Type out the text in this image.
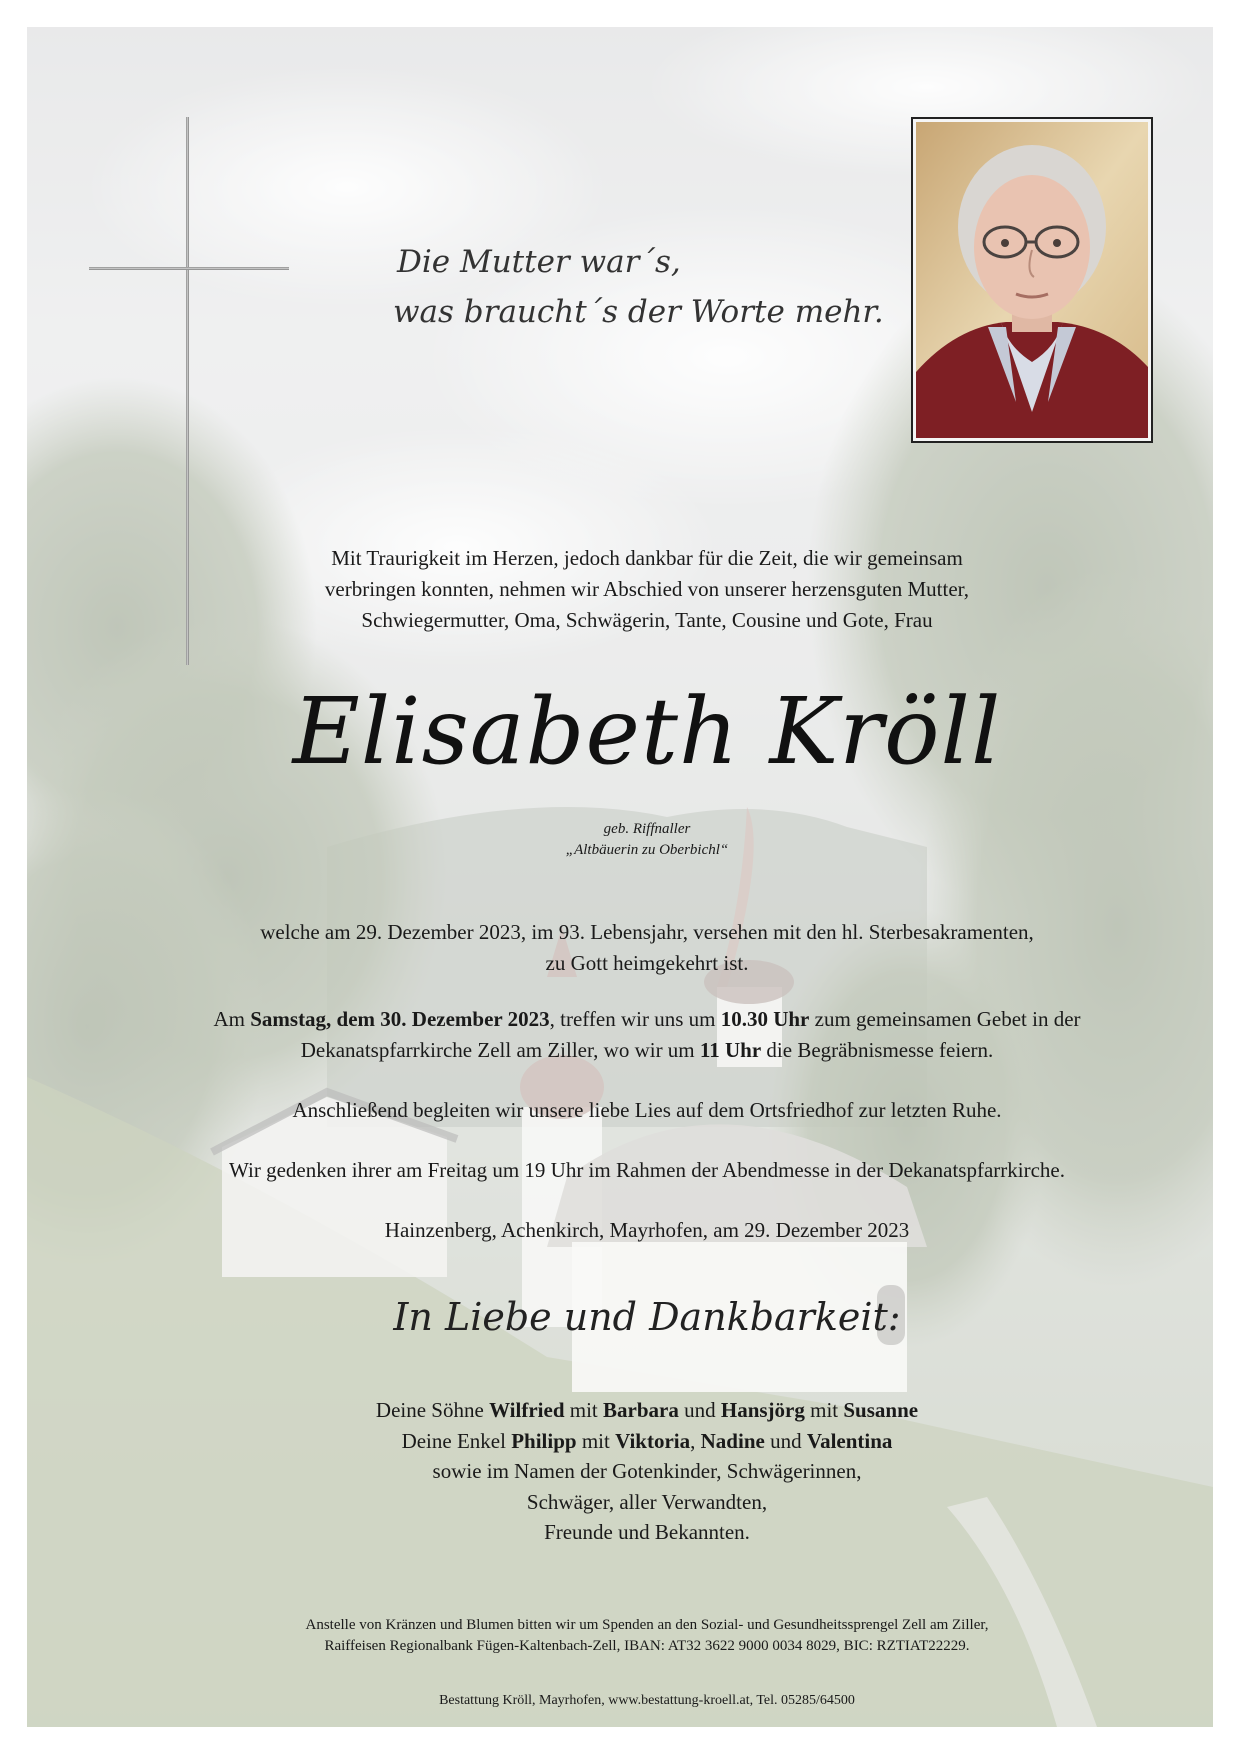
Die Mutter war´s,
was braucht´s der Worte mehr.
Mit Traurigkeit im Herzen, jedoch dankbar für die Zeit, die wir gemeinsam
verbringen konnten, nehmen wir Abschied von unserer herzensguten Mutter,
Schwiegermutter, Oma, Schwägerin, Tante, Cousine und Gote, Frau
Elisabeth Kröll
geb. Riffnaller
„Altbäuerin zu Oberbichl“
welche am 29. Dezember 2023, im 93. Lebensjahr, versehen mit den hl. Sterbesakramenten,
zu Gott heimgekehrt ist.
Am Samstag, dem 30. Dezember 2023, treffen wir uns um 10.30 Uhr zum gemeinsamen Gebet in der
Dekanatspfarrkirche Zell am Ziller, wo wir um 11 Uhr die Begräbnismesse feiern.
Anschließend begleiten wir unsere liebe Lies auf dem Ortsfriedhof zur letzten Ruhe.
Wir gedenken ihrer am Freitag um 19 Uhr im Rahmen der Abendmesse in der Dekanatspfarrkirche.
Hainzenberg, Achenkirch, Mayrhofen, am 29. Dezember 2023
In Liebe und Dankbarkeit:
Deine Söhne Wilfried mit Barbara und Hansjörg mit Susanne
Deine Enkel Philipp mit Viktoria, Nadine und Valentina
sowie im Namen der Gotenkinder, Schwägerinnen,
Schwäger, aller Verwandten,
Freunde und Bekannten.
Anstelle von Kränzen und Blumen bitten wir um Spenden an den Sozial- und Gesundheitssprengel Zell am Ziller,
Raiffeisen Regionalbank Fügen-Kaltenbach-Zell, IBAN: AT32 3622 9000 0034 8029, BIC: RZTIAT22229.
Bestattung Kröll, Mayrhofen, www.bestattung-kroell.at, Tel. 05285/64500
